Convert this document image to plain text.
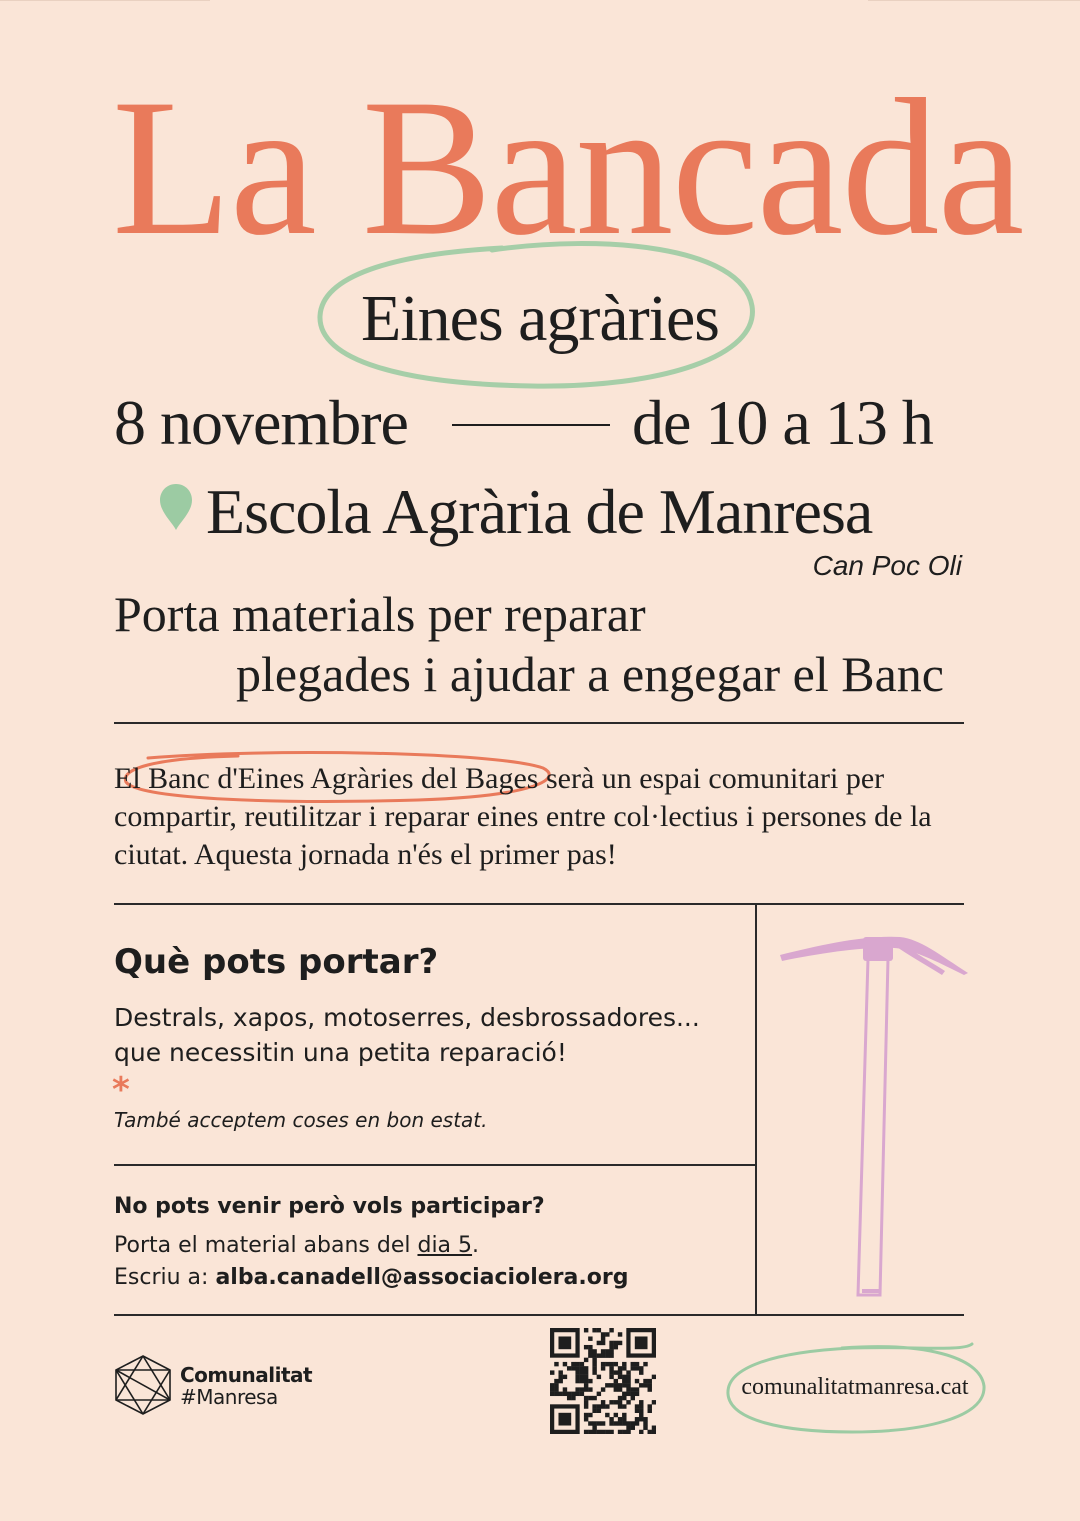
La Bancada
Eines agràries
8 novembre	de 10 a 13 h
Escola Agrària de Manresa
Can Poc Oli
Porta materials per reparar
plegades i ajudar a engegar el Banc
El Banc d'Eines Agràries del Bages serà un espai comunitari per compartir, reutilitzar i reparar eines entre col·lectius i persones de la ciutat. Aquesta jornada n'és el primer pas!
Què pots portar?
Destrals, xapos, motoserres, desbrossadores... que necessitin una petita reparació!
*
També acceptem coses en bon estat.
No pots venir però vols participar?
Porta el material abans del dia 5.
Escriu a: alba.canadell@associaciolera.org
Comunalitat
#Manresa	comunalitatmanresa.cat
